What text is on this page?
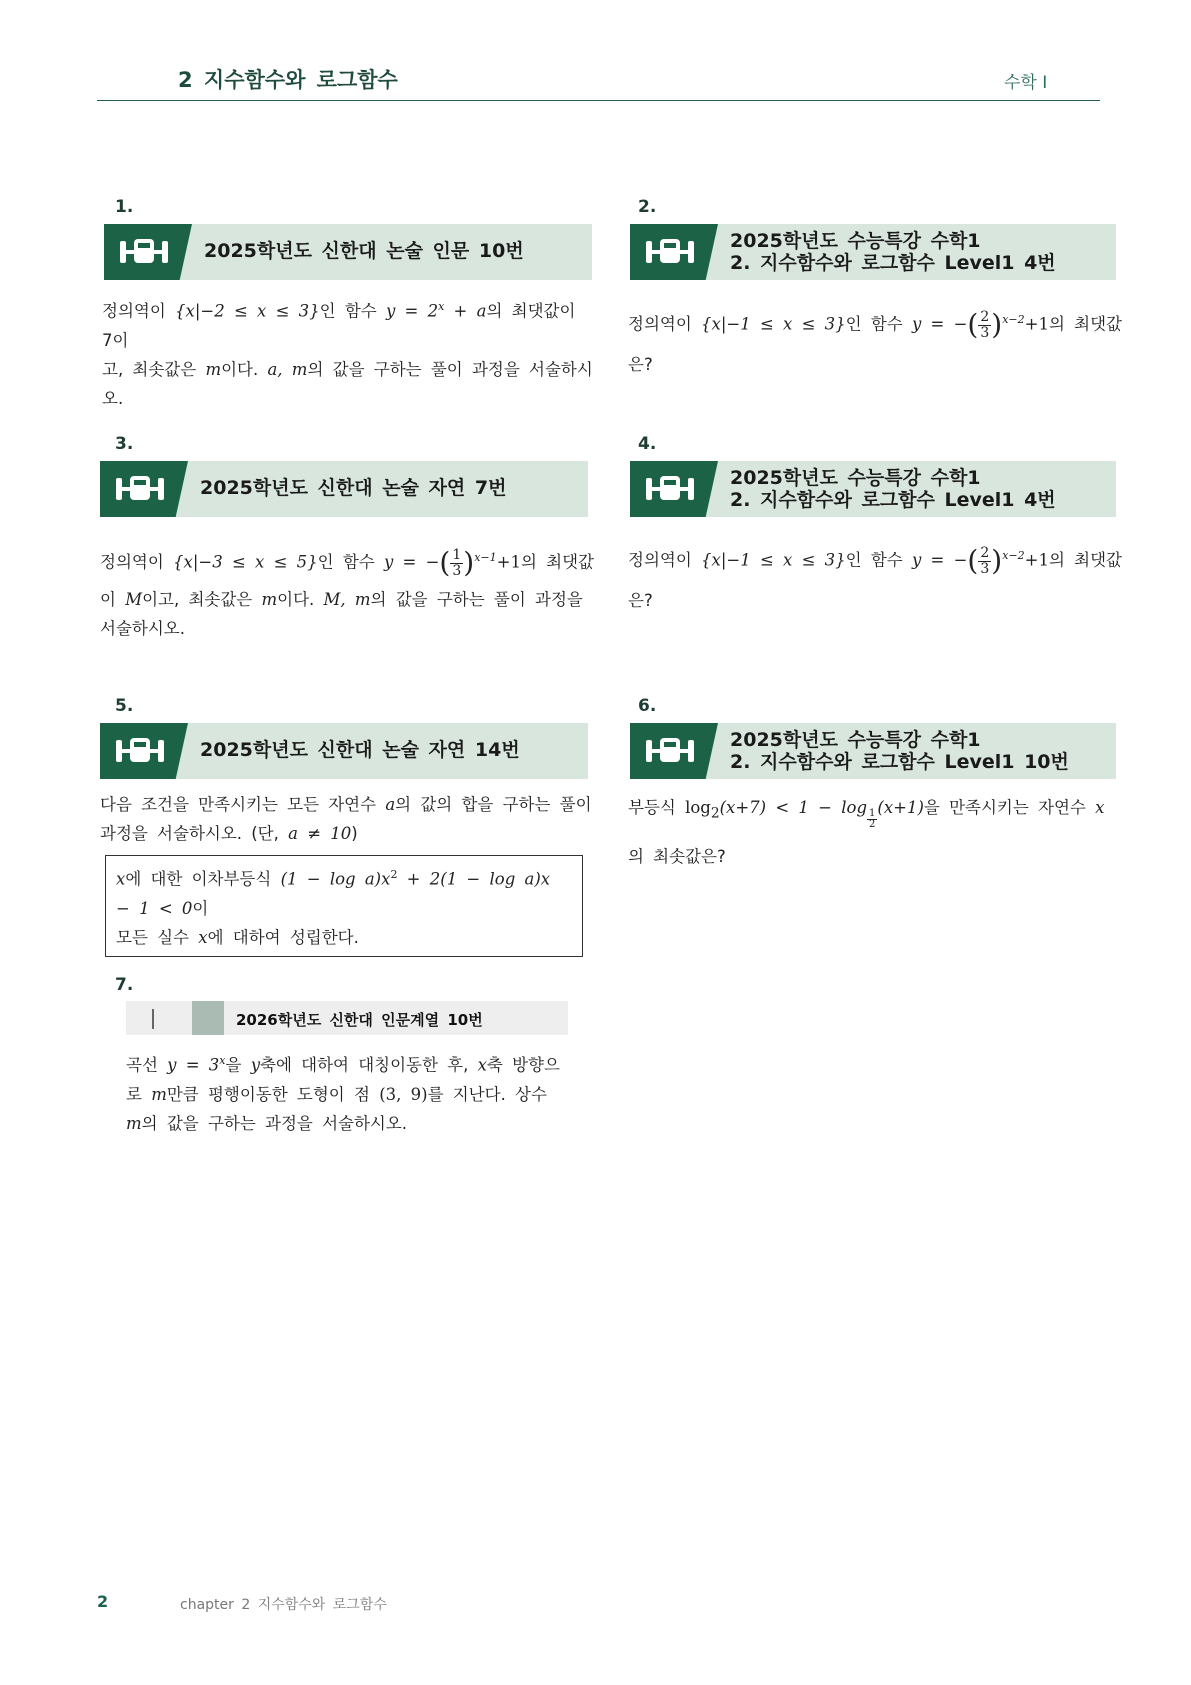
2 지수함수와 로그함수	수학 I
1.
2025학년도 신한대 논술 인문 10번
정의역이 {x|−2 ≤ x ≤ 3}인 함수 $y = 2^x + a$의 최댓값이 7이
고, 최솟값은 m이다. a, m의 값을 구하는 풀이 과정을 서술하시
오.
2.
2025학년도 수능특강 수학1
2. 지수함수와 로그함수 Level1 4번
정의역이 {x|−1 ≤ x ≤ 3}인 함수 y = −( $\frac{2}{3} )^{x-2}+1$의 최댓값
은?
3.
2025학년도 신한대 논술 자연 7번
정의역이 {x|−3 ≤ x ≤ 5}인 함수 y = −( $\frac{1}{3} )^{x-1}+1$의 최댓값
이 M이고, 최솟값은 m이다. M, m의 값을 구하는 풀이 과정을
서술하시오.
4.
2025학년도 수능특강 수학1
2. 지수함수와 로그함수 Level1 4번
정의역이 {x|−1 ≤ x ≤ 3}인 함수 y = −( $\frac{2}{3} )^{x-2}+1$의 최댓값
은?
5.
2025학년도 신한대 논술 자연 14번
다음 조건을 만족시키는 모든 자연수 a의 값의 합을 구하는 풀이
과정을 서술하시오. (단, a ≠ 10)
x에 대한 이차부등식 $(1 - \log a)x^2 + 2(1 - \log a)x - 1 < 0$이
모든 실수 x에 대하여 성립한다.
6.
2025학년도 수능특강 수학1
2. 지수함수와 로그함수 Level1 10번
부등식 $\log_2(x+7) < 1 - \log$
$\frac{1}{2}$
(x+1)을 만족시키는 자연수 x
의 최솟값은?
7.
2026학년도 신한대 인문계열 10번
곡선 $y = 3^x$을 y축에 대하여 대칭이동한 후, x축 방향으
로 m만큼 평행이동한 도형이 점 (3, 9)를 지난다. 상수
m의 값을 구하는 과정을 서술하시오.
2	chapter 2 지수함수와 로그함수
